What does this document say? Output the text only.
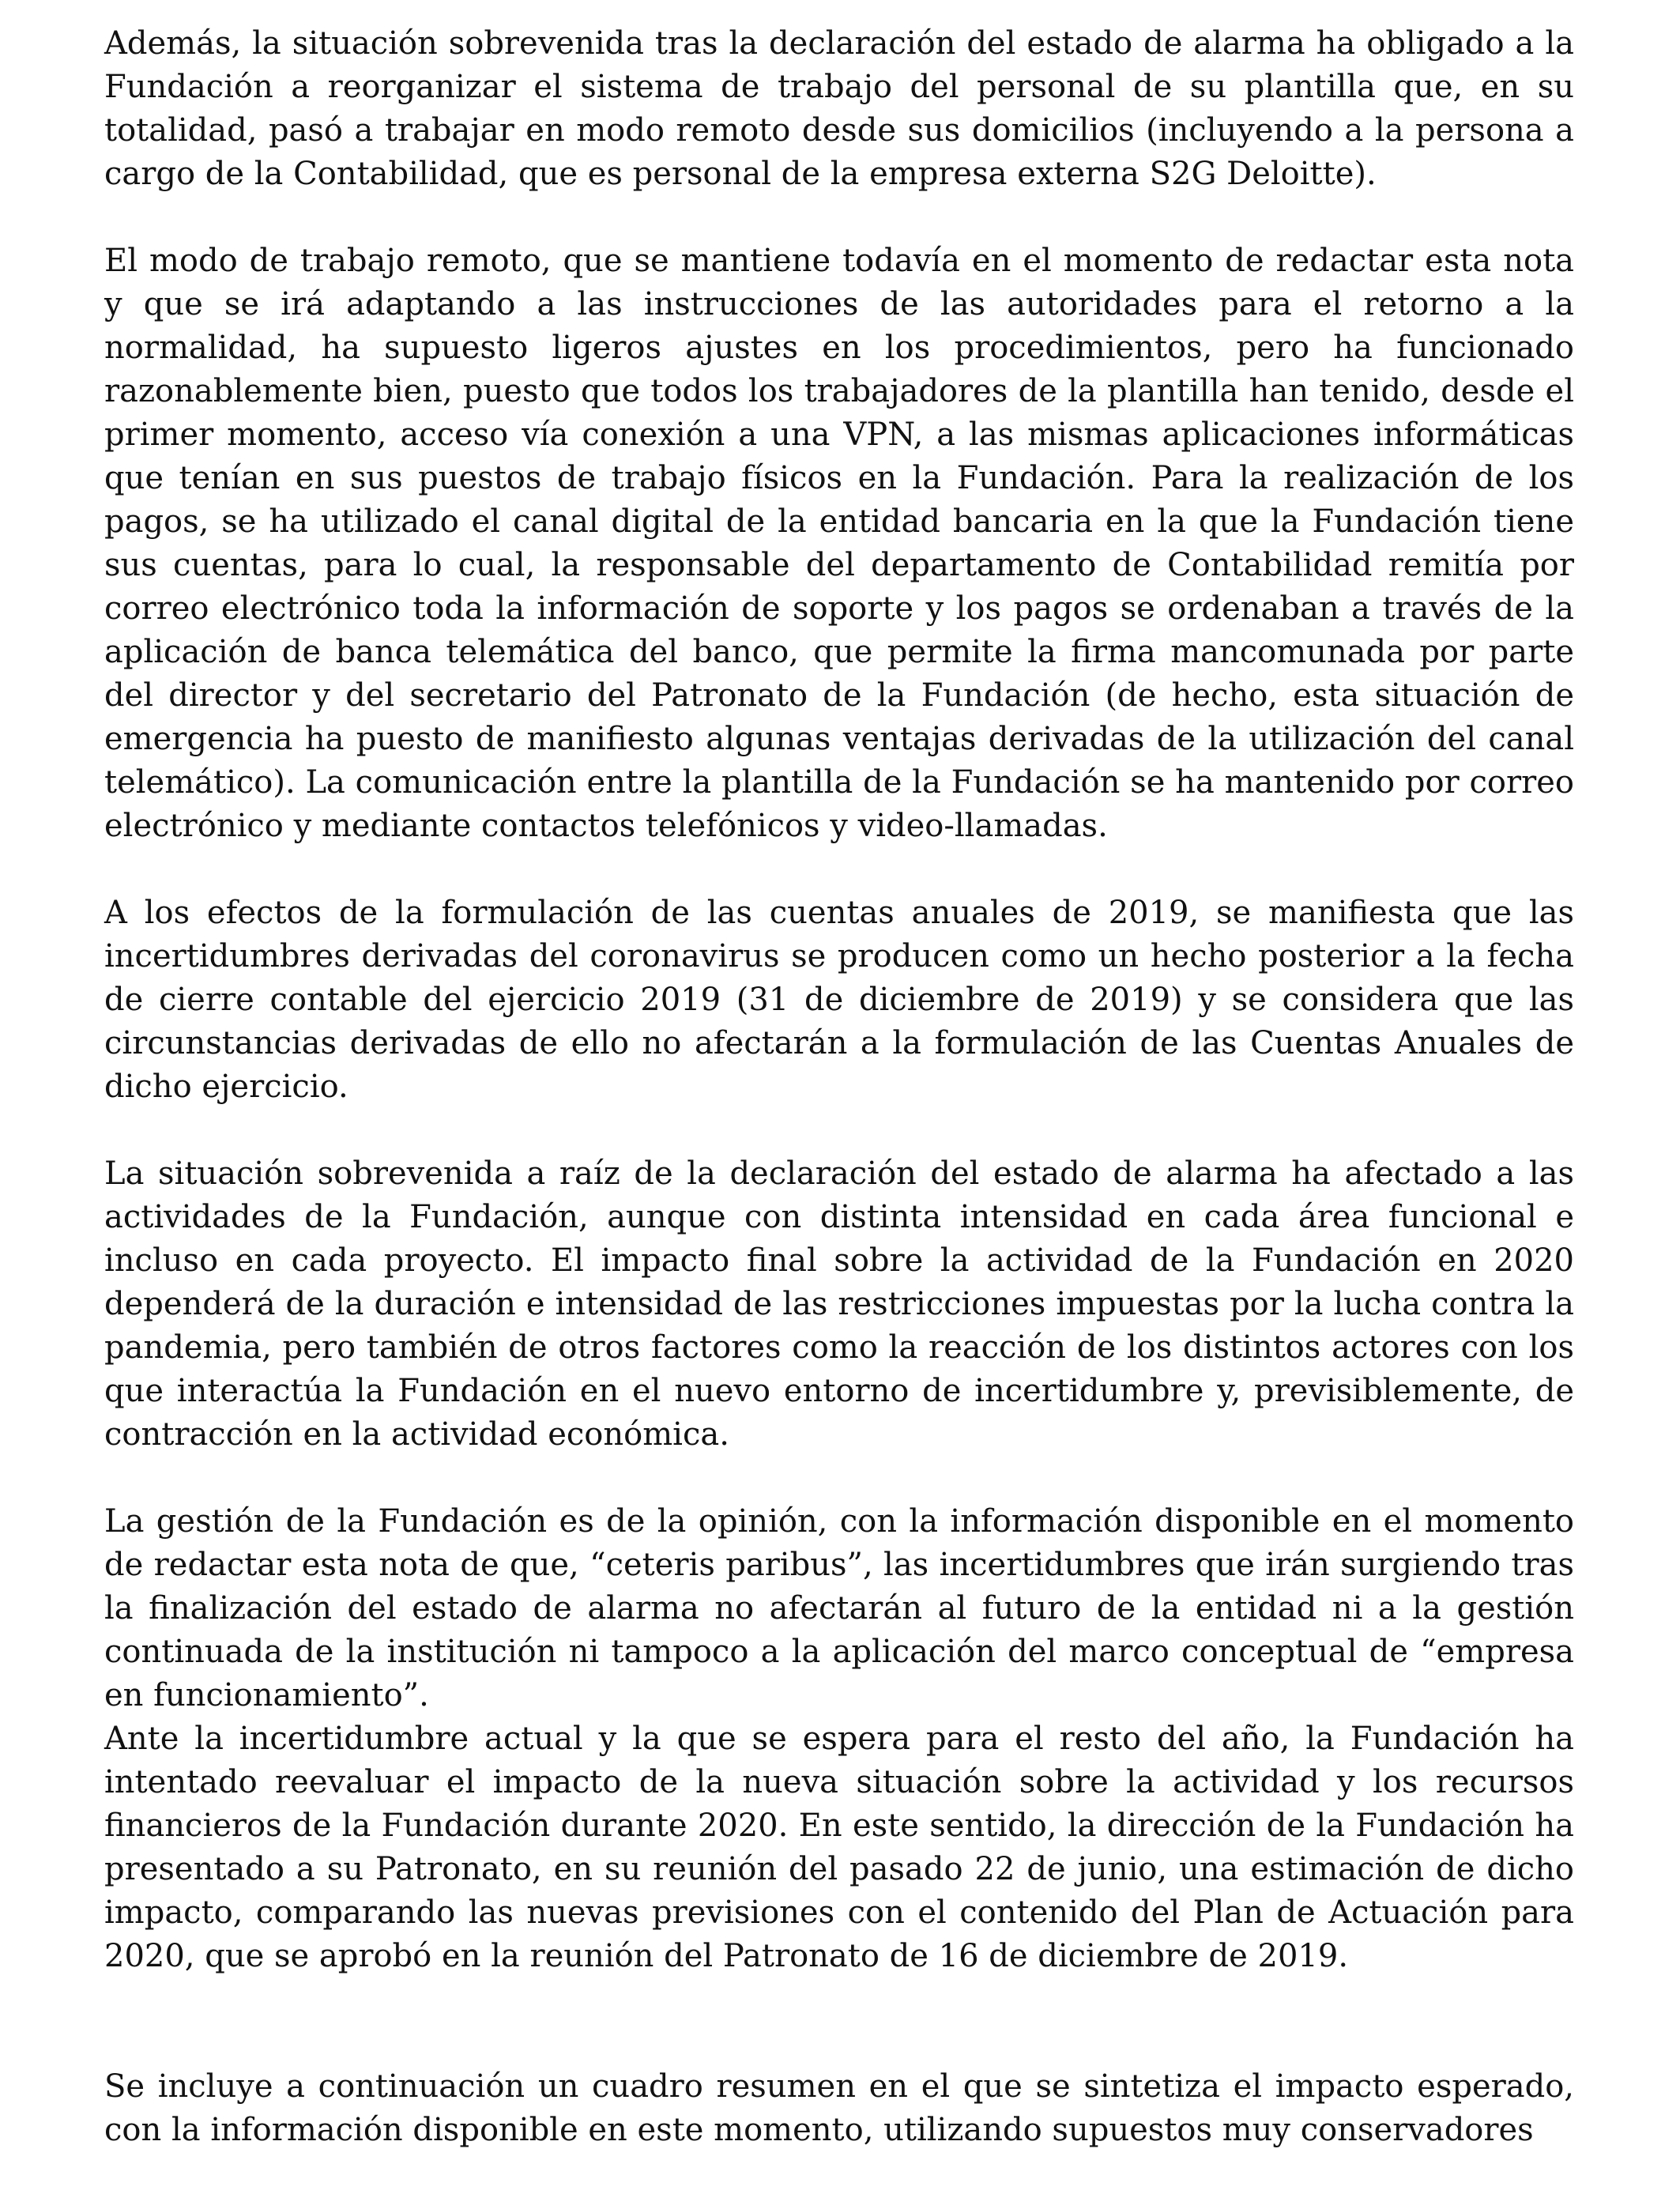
Además, la situación sobrevenida tras la declaración del estado de alarma ha obligado a la Fundación a reorganizar el sistema de trabajo del personal de su plantilla que, en su totalidad, pasó a trabajar en modo remoto desde sus domicilios (incluyendo a la persona a cargo de la Contabilidad, que es personal de la empresa externa S2G Deloitte).

El modo de trabajo remoto, que se mantiene todavía en el momento de redactar esta nota y que se irá adaptando a las instrucciones de las autoridades para el retorno a la normalidad, ha supuesto ligeros ajustes en los procedimientos, pero ha funcionado razonablemente bien, puesto que todos los trabajadores de la plantilla han tenido, desde el primer momento, acceso vía conexión a una VPN, a las mismas aplicaciones informáticas que tenían en sus puestos de trabajo físicos en la Fundación. Para la realización de los pagos, se ha utilizado el canal digital de la entidad bancaria en la que la Fundación tiene sus cuentas, para lo cual, la responsable del departamento de Contabilidad remitía por correo electrónico toda la información de soporte y los pagos se ordenaban a través de la aplicación de banca telemática del banco, que permite la firma mancomunada por parte del director y del secretario del Patronato de la Fundación (de hecho, esta situación de emergencia ha puesto de manifiesto algunas ventajas derivadas de la utilización del canal telemático). La comunicación entre la plantilla de la Fundación se ha mantenido por correo electrónico y mediante contactos telefónicos y video-llamadas.

A los efectos de la formulación de las cuentas anuales de 2019, se manifiesta que las incertidumbres derivadas del coronavirus se producen como un hecho posterior a la fecha de cierre contable del ejercicio 2019 (31 de diciembre de 2019) y se considera que las circunstancias derivadas de ello no afectarán a la formulación de las Cuentas Anuales de dicho ejercicio.

La situación sobrevenida a raíz de la declaración del estado de alarma ha afectado a las actividades de la Fundación, aunque con distinta intensidad en cada área funcional e incluso en cada proyecto. El impacto final sobre la actividad de la Fundación en 2020 dependerá de la duración e intensidad de las restricciones impuestas por la lucha contra la pandemia, pero también de otros factores como la reacción de los distintos actores con los que interactúa la Fundación en el nuevo entorno de incertidumbre y, previsiblemente, de contracción en la actividad económica.

La gestión de la Fundación es de la opinión, con la información disponible en el momento de redactar esta nota de que, “ceteris paribus”, las incertidumbres que irán surgiendo tras la finalización del estado de alarma no afectarán al futuro de la entidad ni a la gestión continuada de la institución ni tampoco a la aplicación del marco conceptual de “empresa en funcionamiento”.

Ante la incertidumbre actual y la que se espera para el resto del año, la Fundación ha intentado reevaluar el impacto de la nueva situación sobre la actividad y los recursos financieros de la Fundación durante 2020. En este sentido, la dirección de la Fundación ha presentado a su Patronato, en su reunión del pasado 22 de junio, una estimación de dicho impacto, comparando las nuevas previsiones con el contenido del Plan de Actuación para 2020, que se aprobó en la reunión del Patronato de 16 de diciembre de 2019.

Se incluye a continuación un cuadro resumen en el que se sintetiza el impacto esperado, con la información disponible en este momento, utilizando supuestos muy conservadores
